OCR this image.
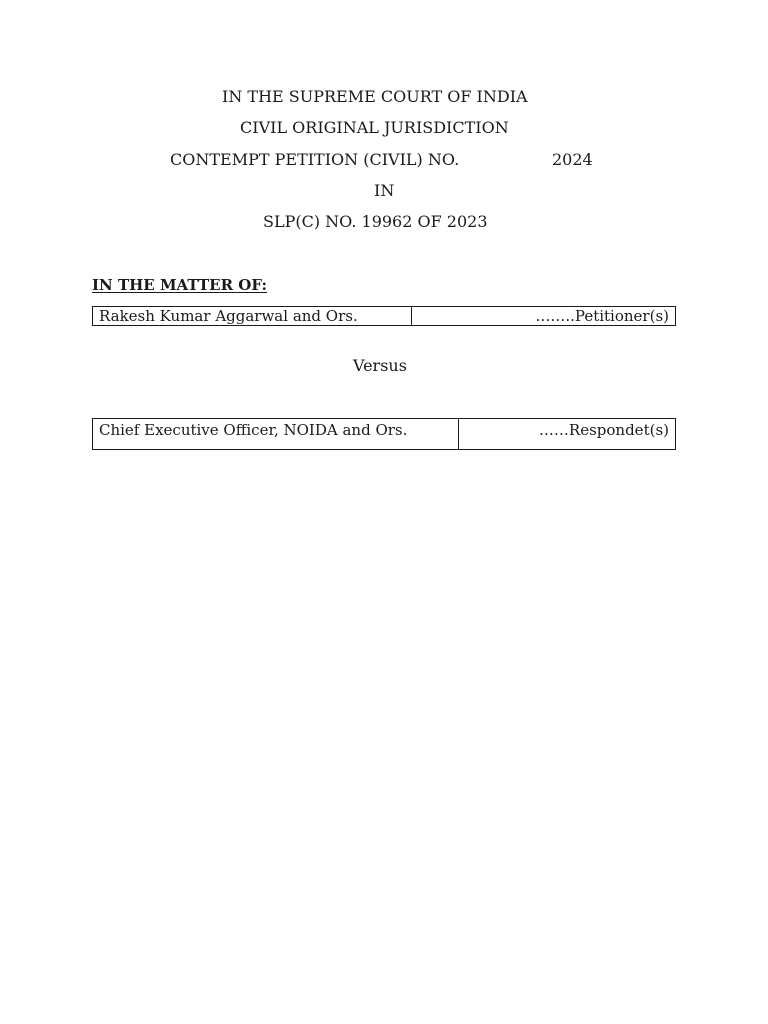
IN THE SUPREME COURT OF INDIA
CIVIL ORIGINAL JURISDICTION
CONTEMPT PETITION (CIVIL) NO.	2024
IN
SLP(C) NO. 19962 OF 2023
IN THE MATTER OF:
Rakesh Kumar Aggarwal and Ors.	……..Petitioner(s)
Versus
Chief Executive Officer, NOIDA and Ors.	……Respondet(s)
